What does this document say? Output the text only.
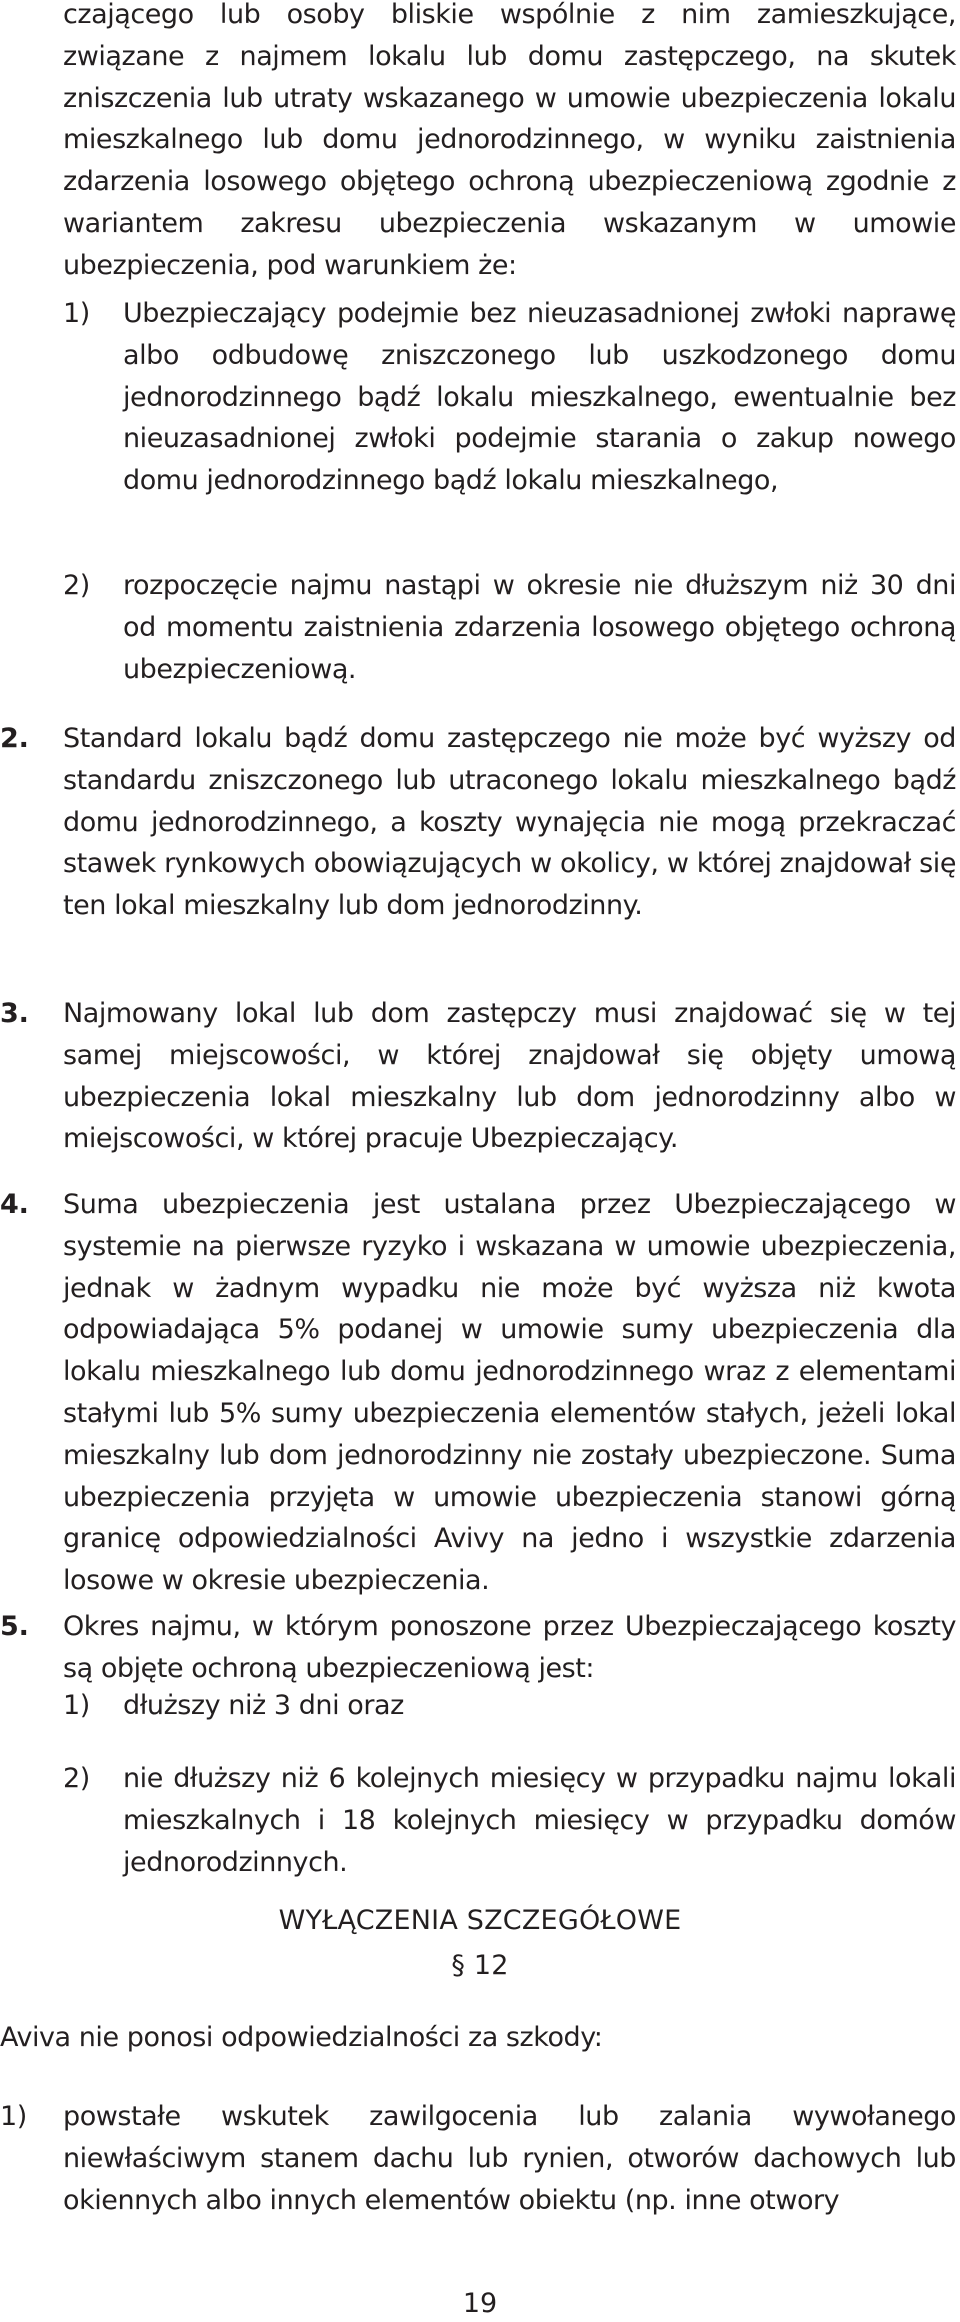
czającego lub osoby bliskie wspólnie z nim zamieszkujące, związane z najmem lokalu lub domu zastępczego, na skutek zniszczenia lub utraty wskazanego w umowie ubezpieczenia lokalu mieszkalnego lub domu jednorodzinnego, w wyniku zaistnienia zdarzenia losowego objętego ochroną ubezpieczeniową zgodnie z wariantem zakresu ubezpieczenia wskazanym w umowie ubezpieczenia, pod warunkiem że:
1) Ubezpieczający podejmie bez nieuzasadnionej zwłoki naprawę albo odbudowę zniszczonego lub uszkodzonego domu jednorodzinnego bądź lokalu mieszkalnego, ewentualnie bez nieuzasadnionej zwłoki podejmie starania o zakup nowego domu jednorodzinnego bądź lokalu mieszkalnego,
2) rozpoczęcie najmu nastąpi w okresie nie dłuższym niż 30 dni od momentu zaistnienia zdarzenia losowego objętego ochroną ubezpieczeniową.
2. Standard lokalu bądź domu zastępczego nie może być wyższy od standardu zniszczonego lub utraconego lokalu mieszkalnego bądź domu jednorodzinnego, a koszty wynajęcia nie mogą przekraczać stawek rynkowych obowiązujących w okolicy, w której znajdował się ten lokal mieszkalny lub dom jednorodzinny.
3. Najmowany lokal lub dom zastępczy musi znajdować się w tej samej miejscowości, w której znajdował się objęty umową ubezpieczenia lokal mieszkalny lub dom jednorodzinny albo w miejscowości, w której pracuje Ubezpieczający.
4. Suma ubezpieczenia jest ustalana przez Ubezpieczającego w systemie na pierwsze ryzyko i wskazana w umowie ubezpieczenia, jednak w żadnym wypadku nie może być wyższa niż kwota odpowiadająca 5% podanej w umowie sumy ubezpieczenia dla lokalu mieszkalnego lub domu jednorodzinnego wraz z elementami stałymi lub 5% sumy ubezpieczenia elementów stałych, jeżeli lokal mieszkalny lub dom jednorodzinny nie zostały ubezpieczone. Suma ubezpieczenia przyjęta w umowie ubezpieczenia stanowi górną granicę odpowiedzialności Avivy na jedno i wszystkie zdarzenia losowe w okresie ubezpieczenia.
5. Okres najmu, w którym ponoszone przez Ubezpieczającego koszty są objęte ochroną ubezpieczeniową jest:
1) dłuższy niż 3 dni oraz
2) nie dłuższy niż 6 kolejnych miesięcy w przypadku najmu lokali mieszkalnych i 18 kolejnych miesięcy w przypadku domów jednorodzinnych.
WYŁĄCZENIA SZCZEGÓŁOWE
§ 12
Aviva nie ponosi odpowiedzialności za szkody:
1) powstałe wskutek zawilgocenia lub zalania wywołanego niewłaściwym stanem dachu lub rynien, otworów dachowych lub okiennych albo innych elementów obiektu (np. inne otwory
19
